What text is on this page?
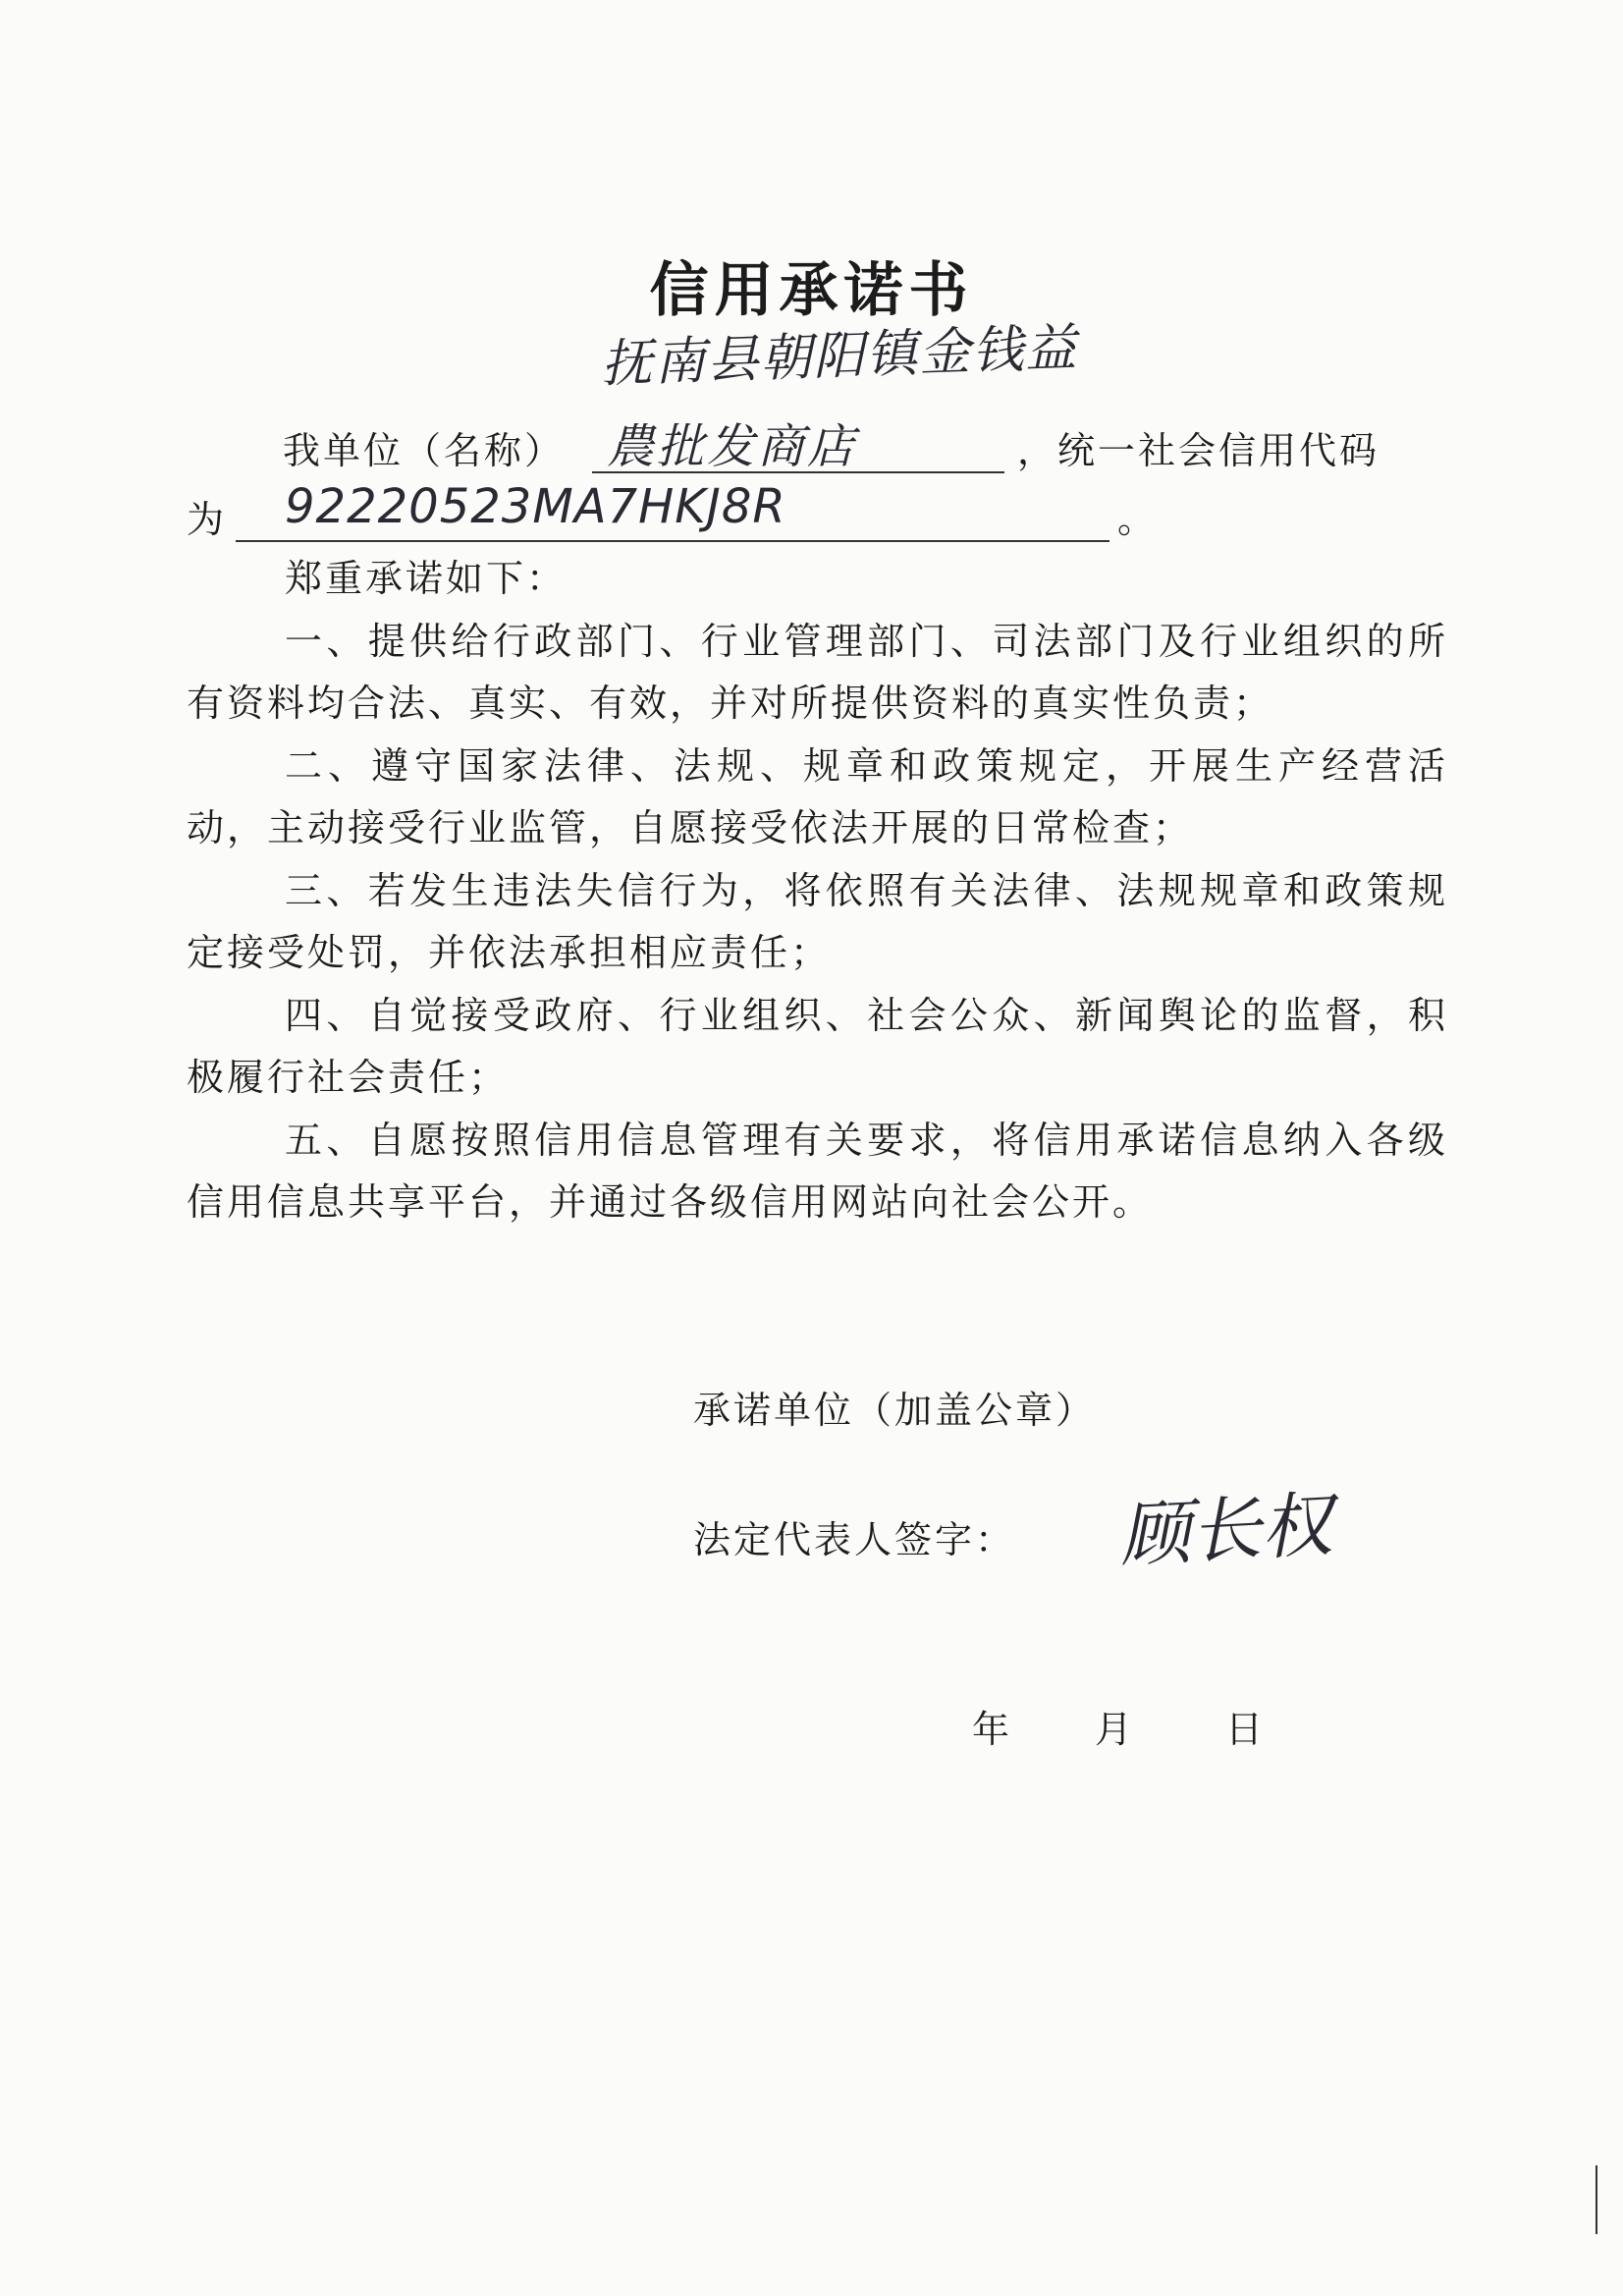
信用承诺书
抚南县朝阳镇金钱益
我单位（名称） 農批发商店	，统一社会信用代码
为 92220523MA7HKJ8R	。

郑重承诺如下：

一、提供给行政部门、行业管理部门、司法部门及行业组织的所有资料均合法、真实、有效，并对所提供资料的真实性负责；

二、遵守国家法律、法规、规章和政策规定，开展生产经营活动，主动接受行业监管，自愿接受依法开展的日常检查；

三、若发生违法失信行为，将依照有关法律、法规规章和政策规定接受处罚，并依法承担相应责任；

四、自觉接受政府、行业组织、社会公众、新闻舆论的监督，积极履行社会责任；

五、自愿按照信用信息管理有关要求，将信用承诺信息纳入各级信用信息共享平台，并通过各级信用网站向社会公开。

承诺单位（加盖公章）
法定代表人签字： 顾长权
年 月 日
